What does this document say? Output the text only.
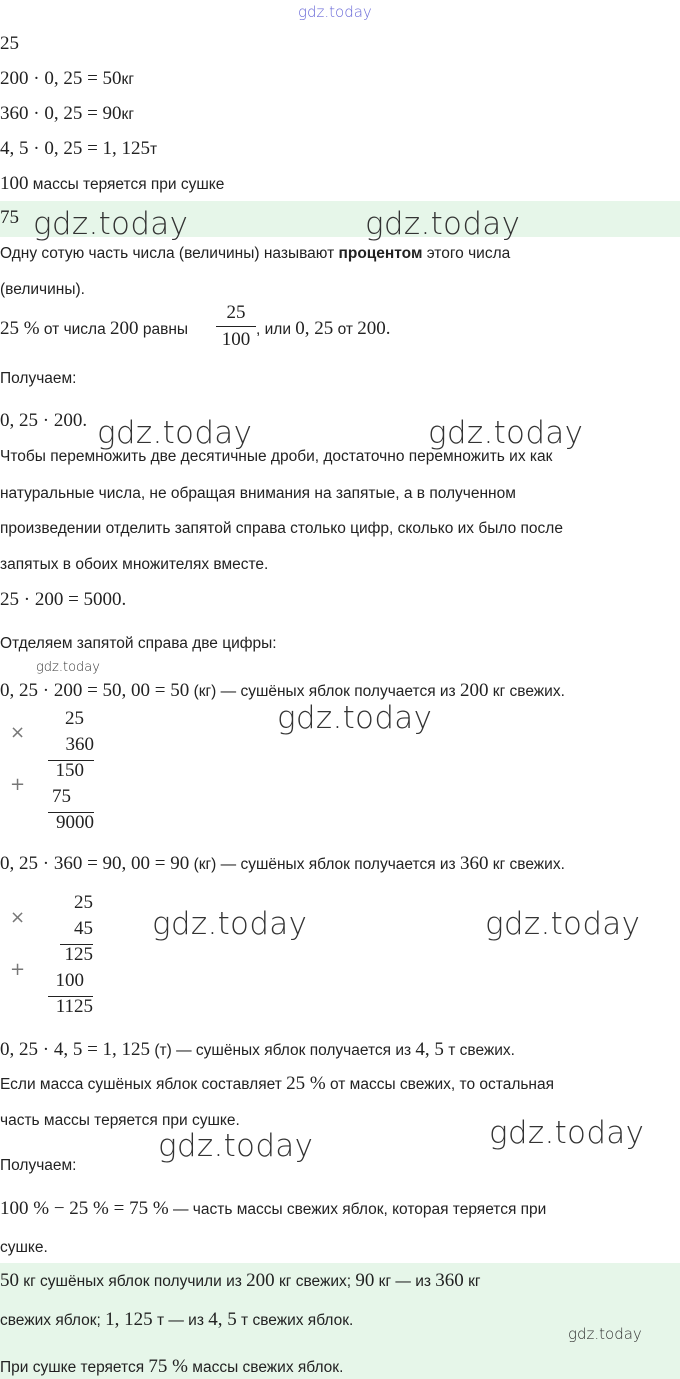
gdz.today
25
200 · 0, 25 = 50кг
360 · 0, 25 = 90кг
4, 5 · 0, 25 = 1, 125т
100 массы теряется при сушке
75 gdz.today	gdz.today
Одну сотую часть числа (величины) называют процентом этого числа
(величины).
25 % от числа 200 равны
25
100 , или 0, 25 от 200.
Получаем:
0, 25 · 200. gdz.today	gdz.today
Чтобы перемножить две десятичные дроби, достаточно перемножить их как
натуральные числа, не обращая внимания на запятые, а в полученном
произведении отделить запятой справа столько цифр, сколько их было после
запятых в обоих множителях вместе.
25 · 200 = 5000.
Отделяем запятой справа две цифры:
gdz.today
0, 25 · 200 = 50, 00 = 50 (кг) — сушёных яблок получается из 200 кг свежих.
×
+
25
360
150
75
9000
gdz.today
0, 25 · 360 = 90, 00 = 90 (кг) — сушёных яблок получается из 360 кг свежих.
×
+
25
45
125
100
1125
gdz.today	gdz.today
0, 25 · 4, 5 = 1, 125 (т) — сушёных яблок получается из 4, 5 т свежих.
Если масса сушёных яблок составляет 25 % от массы свежих, то остальная
часть массы теряется при сушке.
gdz.today	gdz.today
Получаем:
100 % − 25 % = 75 % — часть массы свежих яблок, которая теряется при
сушке.
50 кг сушёных яблок получили из 200 кг свежих; 90 кг — из 360 кг
свежих яблок; 1, 125 т — из 4, 5 т свежих яблок.
gdz.today
При сушке теряется 75 % массы свежих яблок.
